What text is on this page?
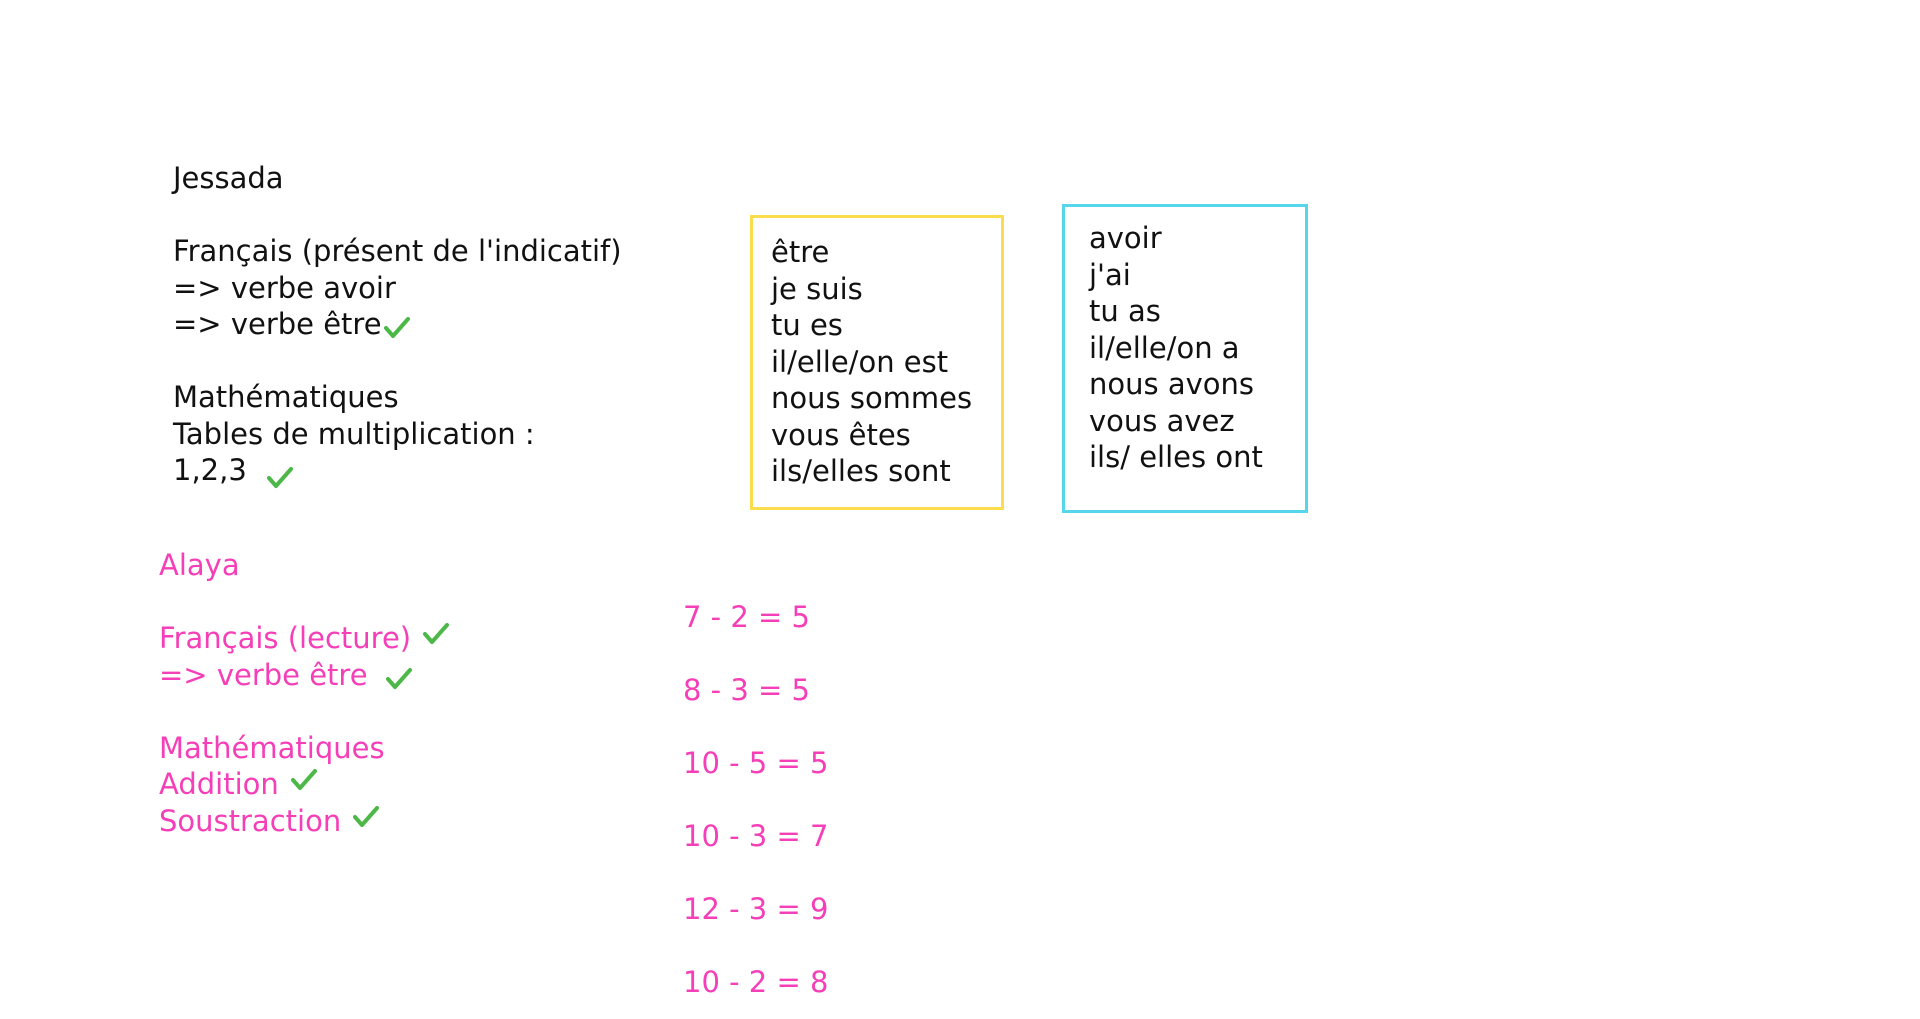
Jessada
Français (présent de l'indicatif)
=> verbe avoir
=> verbe être
Mathématiques
Tables de multiplication :
1,2,3
être
je suis
tu es
il/elle/on est
nous sommes
vous êtes
ils/elles sont
avoir
j'ai
tu as
il/elle/on a
nous avons
vous avez
ils/ elles ont
Alaya
Français (lecture)
=> verbe être
Mathématiques
Addition
Soustraction
7 - 2 = 5
8 - 3 = 5
10 - 5 = 5
10 - 3 = 7
12 - 3 = 9
10 - 2 = 8
